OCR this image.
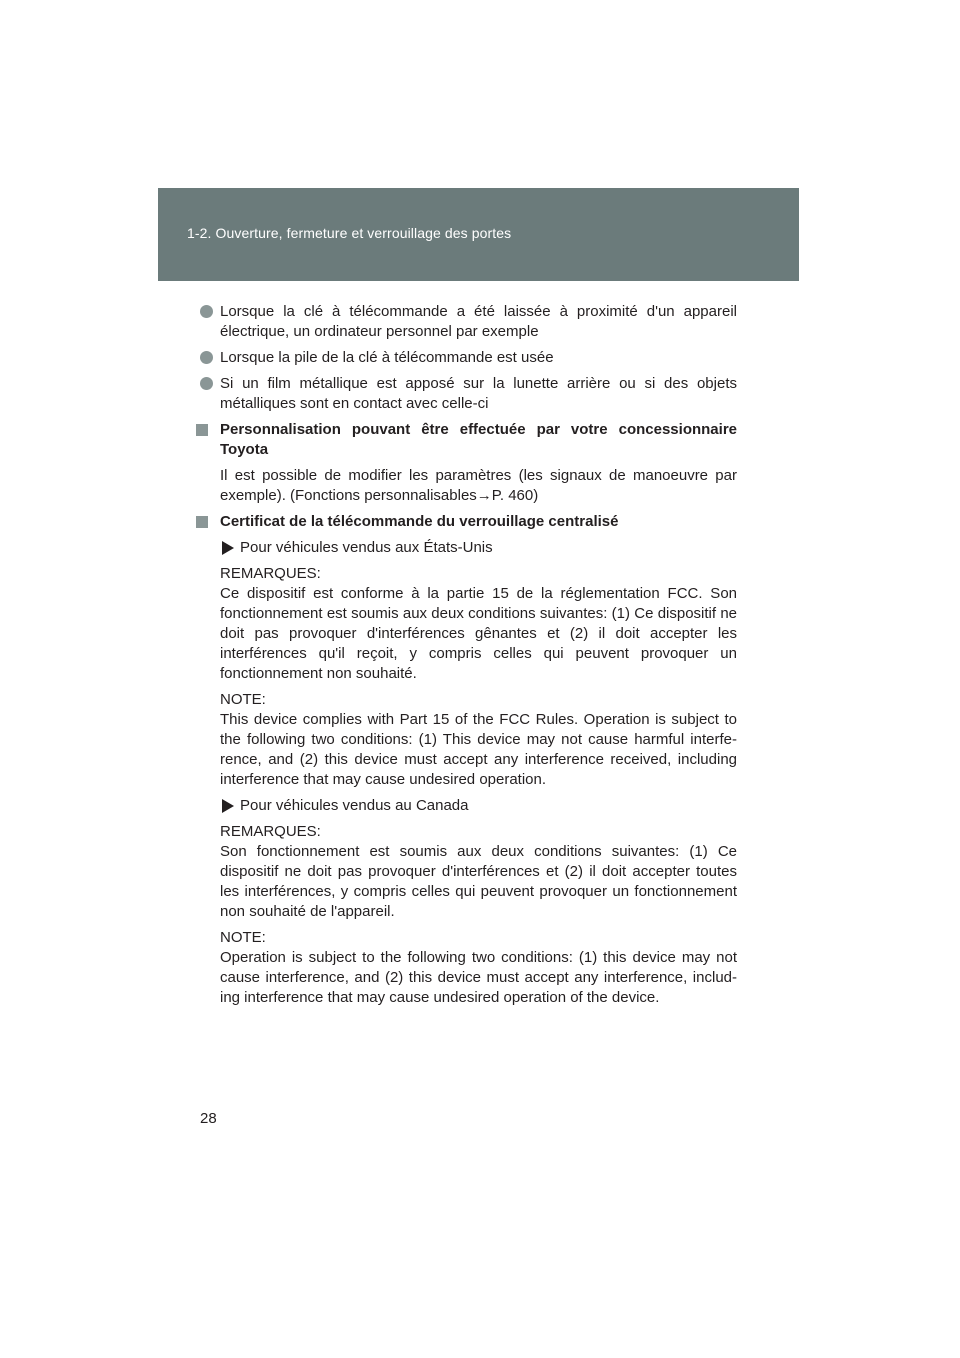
1-2. Ouverture, fermeture et verrouillage des portes
Lorsque la clé à télécommande a été laissée à proximité d'un appareil électrique, un ordinateur personnel par exemple
Lorsque la pile de la clé à télécommande est usée
Si un film métallique est apposé sur la lunette arrière ou si des objets métalliques sont en contact avec celle-ci
Personnalisation pouvant être effectuée par votre concessionnaire Toyota
Il est possible de modifier les paramètres (les signaux de manoeuvre par exemple). (Fonctions personnalisables→P. 460)
Certificat de la télécommande du verrouillage centralisé
Pour véhicules vendus aux États-Unis
REMARQUES:
Ce dispositif est conforme à la partie 15 de la réglementation FCC. Son fonctionnement est soumis aux deux conditions suivantes: (1) Ce dispositif ne doit pas provoquer d'interférences gênantes et (2) il doit accepter les interférences qu'il reçoit, y compris celles qui peuvent provoquer un fonctionnement non souhaité.
NOTE:
This device complies with Part 15 of the FCC Rules. Operation is subject to the following two conditions: (1) This device may not cause harmful interfe-rence, and (2) this device must accept any interference received, including interference that may cause undesired operation.
Pour véhicules vendus au Canada
REMARQUES:
Son fonctionnement est soumis aux deux conditions suivantes: (1) Ce dispositif ne doit pas provoquer d'interférences et (2) il doit accepter toutes les interférences, y compris celles qui peuvent provoquer un fonctionnement non souhaité de l'appareil.
NOTE:
Operation is subject to the following two conditions: (1) this device may not cause interference, and (2) this device must accept any interference, includ-ing interference that may cause undesired operation of the device.
28
